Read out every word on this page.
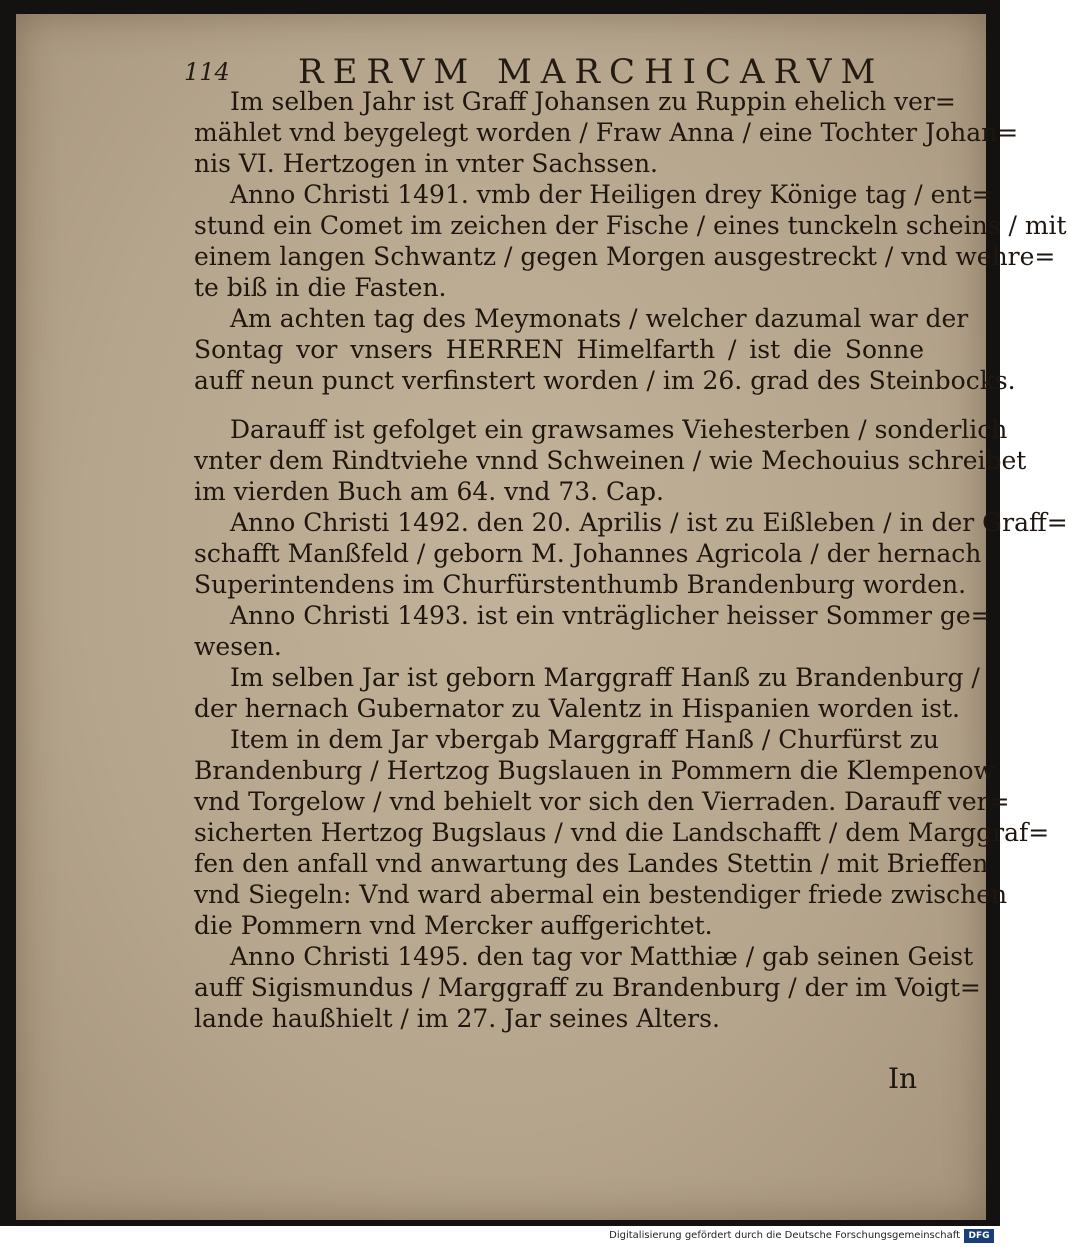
114 RERVM MARCHICARVM
Im selben Jahr ist Graff Johansen zu Ruppin ehelich ver=
mählet vnd beygelegt worden / Fraw Anna / eine Tochter Johan=
nis VI. Hertzogen in vnter Sachssen.
Anno Christi 1491. vmb der Heiligen drey Könige tag / ent=
stund ein Comet im zeichen der Fische / eines tunckeln scheins / mit
einem langen Schwantz / gegen Morgen ausgestreckt / vnd wehre=
te biß in die Fasten.
Am achten tag des Meymonats / welcher dazumal war der
Sontag vor vnsers HERREN Himelfarth / ist die Sonne
auff neun punct verfinstert worden / im 26. grad des Steinbocks.
Darauff ist gefolget ein grawsames Viehesterben / sonderlich
vnter dem Rindtviehe vnnd Schweinen / wie Mechouius schreibet
im vierden Buch am 64. vnd 73. Cap.
Anno Christi 1492. den 20. Aprilis / ist zu Eißleben / in der Graff=
schafft Manßfeld / geborn M. Johannes Agricola / der hernach
Superintendens im Churfürstenthumb Brandenburg worden.
Anno Christi 1493. ist ein vnträglicher heisser Sommer ge=
wesen.
Im selben Jar ist geborn Marggraff Hanß zu Brandenburg /
der hernach Gubernator zu Valentz in Hispanien worden ist.
Item in dem Jar vbergab Marggraff Hanß / Churfürst zu
Brandenburg / Hertzog Bugslauen in Pommern die Klempenow
vnd Torgelow / vnd behielt vor sich den Vierraden. Darauff ver=
sicherten Hertzog Bugslaus / vnd die Landschafft / dem Marggraf=
fen den anfall vnd anwartung des Landes Stettin / mit Brieffen
vnd Siegeln: Vnd ward abermal ein bestendiger friede zwischen
die Pommern vnd Mercker auffgerichtet.
Anno Christi 1495. den tag vor Matthiæ / gab seinen Geist
auff Sigismundus / Marggraff zu Brandenburg / der im Voigt=
lande haußhielt / im 27. Jar seines Alters.
In
Digitalisierung gefördert durch die Deutsche Forschungsgemeinschaft DFG
